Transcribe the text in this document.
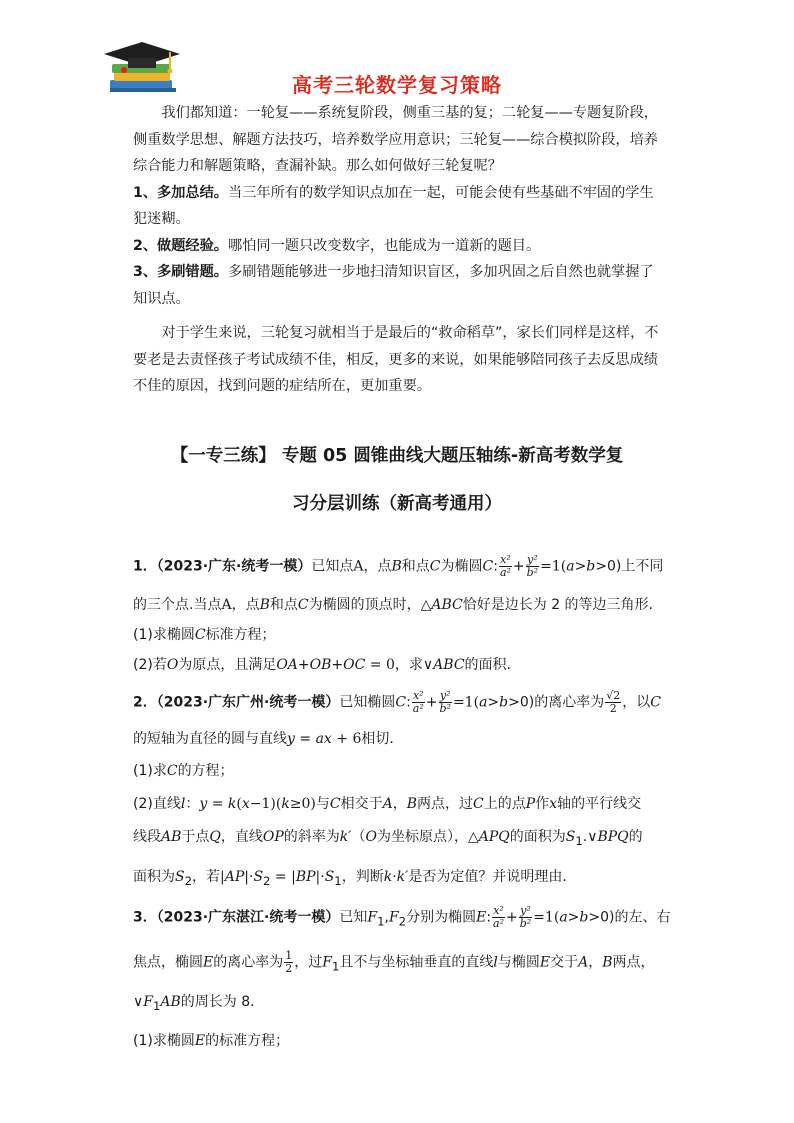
高考三轮数学复习策略

我们都知道：一轮复——系统复阶段，侧重三基的复；二轮复——专题复阶段，侧重数学思想、解题方法技巧，培养数学应用意识；三轮复——综合模拟阶段，培养综合能力和解题策略，查漏补缺。那么如何做好三轮复呢？

1、多加总结。当三年所有的数学知识点加在一起，可能会使有些基础不牢固的学生犯迷糊。
2、做题经验。哪怕同一题只改变数字，也能成为一道新的题目。
3、多刷错题。多刷错题能够进一步地扫清知识盲区，多加巩固之后自然也就掌握了知识点。

对于学生来说，三轮复习就相当于是最后的“救命稻草”，家长们同样是这样，不要老是去责怪孩子考试成绩不佳，相反，更多的来说，如果能够陪同孩子去反思成绩不佳的原因，找到问题的症结所在，更加重要。

【一专三练】 专题 05 圆锥曲线大题压轴练-新高考数学复
习分层训练（新高考通用）
1．（2023·广东·统考一模）已知点A，点B和点C为椭圆C: $\frac{\text{x²}}{\text{a²}} + \frac{\text{y²}}{\text{b²}} =1(a>b>0)$上不同
的三个点.当点A，点B和点C为椭圆的顶点时，△ABC恰好是边长为 2 的等边三角形.
(1)求椭圆C标准方程；
(2)若O为原点，且满足OA+OB+OC = 0，求∨ABC的面积.
2．（2023·广东广州·统考一模）已知椭圆C: $\frac{\text{x²}}{\text{a²}} + \frac{\text{y²}}{\text{b²}} =1(a>b>0)$的离心率为 $\frac{√2}{2}$ ，以C
的短轴为直径的圆与直线y = ax + 6相切.
(1)求C的方程；
(2)直线l：y = k(x−1)(k≥0)与C相交于A，B两点，过C上的点P作x轴的平行线交
线段AB于点Q，直线OP的斜率为k′（O为坐标原点），△APQ的面积为$S_1.\vee BPQ$的
面积为$S_2$，若$|AP|\cdot S_2 = |BP|\cdot S_1$，判断k·k′是否为定值？并说明理由.
3．（2023·广东湛江·统考一模）已知$F_1,F_2$分别为椭圆E: $\frac{\text{x²}}{\text{a²}} + \frac{\text{y²}}{\text{b²}} =1(a>b>0)$的左、右
焦点，椭圆E的离心率为 $\frac{1}{2}$ ，过$F_1$且不与坐标轴垂直的直线l与椭圆E交于A，B两点，
$\vee F_1AB$的周长为 8．
(1)求椭圆E的标准方程；
